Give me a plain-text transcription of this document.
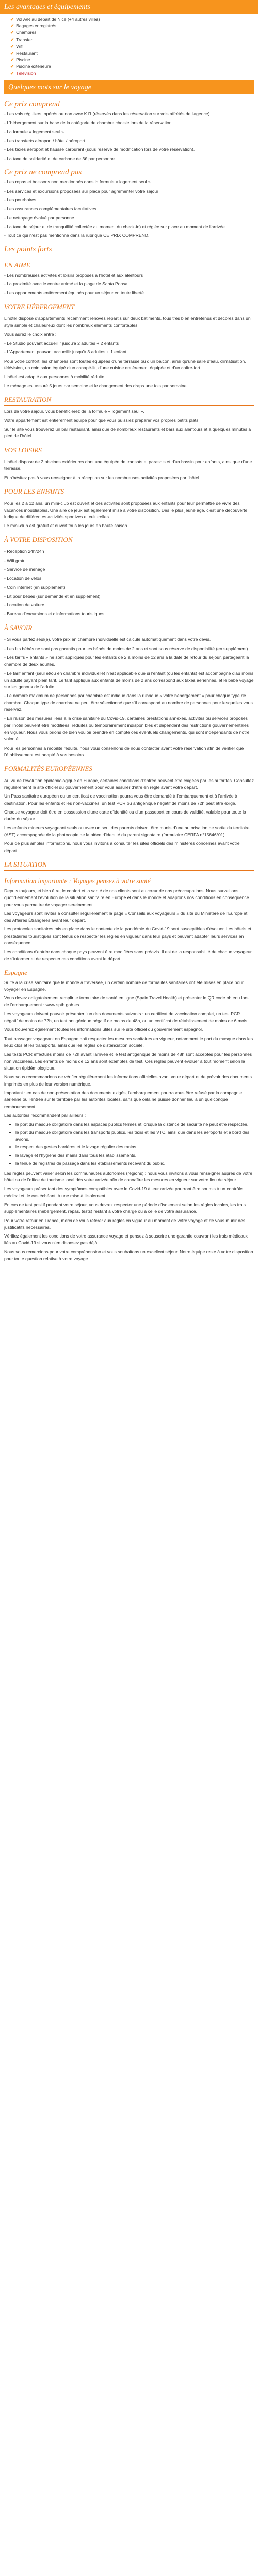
Les avantages et équipements
✔ Vol A/R au départ de Nice (+4 autres villes)
✔ Bagages enregistrés
✔ Chambres
✔ Transfert
✔ Wifi
✔ Restaurant
✔ Piscine
✔ Piscine extérieure
✔ Télévision
Quelques mots sur le voyage
Ce prix comprend

- Les vols réguliers, opérés ou non avec K.R (réservés dans les réservation sur vols affrétés de l'agence).

- L'hébergement sur la base de la catégorie de chambre choisie lors de la réservation.

- La formule « logement seul »

- Les transferts aéroport / hôtel / aéroport

- Les taxes aéroport et hausse carburant (sous réserve de modification lors de votre réservation).

- La taxe de solidarité et de carbone de 3€ par personne.

Ce prix ne comprend pas

- Les repas et boissons non mentionnés dans la formule « logement seul »

- Les services et excursions proposées sur place pour agrémenter votre séjour

- Les pourboires

- Les assurances complémentaires facultatives

- Le nettoyage évalué par personne

- La taxe de séjour et de tranquillité collectée au moment du check-in) et réglée sur place au moment de l'arrivée.

- Tout ce qui n'est pas mentionné dans la rubrique CE PRIX COMPREND.

Les points forts
EN AIME

- Les nombreuses activités et loisirs proposés à l'hôtel et aux alentours

- La proximité avec le centre animé et la plage de Santa Ponsa

- Les appartements entièrement équipés pour un séjour en toute liberté

VOTRE HÉBERGEMENT

L'hôtel dispose d'appartements récemment rénovés répartis sur deux bâtiments, tous très bien entretenus et décorés dans un style simple et chaleureux dont les nombreux éléments confortables.

Vous aurez le choix entre :

- Le Studio pouvant accueillir jusqu'à 2 adultes + 2 enfants

- L'Appartement pouvant accueillir jusqu'à 3 adultes + 1 enfant

Pour votre confort, les chambres sont toutes équipées d'une terrasse ou d'un balcon, ainsi qu'une salle d'eau, climatisation, télévision, un coin salon équipé d'un canapé-lit, d'une cuisine entièrement équipée et d'un coffre-fort.

L'hôtel est adapté aux personnes à mobilité réduite.

Le ménage est assuré 5 jours par semaine et le changement des draps une fois par semaine.

RESTAURATION

Lors de votre séjour, vous bénéficierez de la formule « logement seul ».

Votre appartement est entièrement équipé pour que vous puissiez préparer vos propres petits plats.

Sur le site vous trouverez un bar restaurant, ainsi que de nombreux restaurants et bars aux alentours et à quelques minutes à pied de l'hôtel.

VOS LOISIRS

L'hôtel dispose de 2 piscines extérieures dont une équipée de transats et parasols et d'un bassin pour enfants, ainsi que d'une terrasse.

Et n'hésitez pas à vous renseigner à la réception sur les nombreuses activités proposées par l'hôtel.

POUR LES ENFANTS

Pour les 2 à 12 ans, un mini-club est ouvert et des activités sont proposées aux enfants pour leur permettre de vivre des vacances inoubliables. Une aire de jeux est également mise à votre disposition. Dès le plus jeune âge, c'est une découverte ludique de différentes activités sportives et culturelles.

Le mini-club est gratuit et ouvert tous les jours en haute saison.

À VOTRE DISPOSITION

- Réception 24h/24h

- Wifi gratuit

- Service de ménage

- Location de vélos

- Coin internet (en supplément)

- Lit pour bébés (sur demande et en supplément)

- Location de voiture

- Bureau d'excursions et d'informations touristiques

À SAVOIR

- Si vous partez seul(e), votre prix en chambre individuelle est calculé automatiquement dans votre devis.

- Les lits bébés ne sont pas garantis pour les bébés de moins de 2 ans et sont sous réserve de disponibilité (en supplément).

- Les tarifs « enfants » ne sont appliqués pour les enfants de 2 à moins de 12 ans à la date de retour du séjour, partageant la chambre de deux adultes.

- Le tarif enfant (seul et/ou en chambre individuelle) n'est applicable que si l'enfant (ou les enfants) est accompagné d'au moins un adulte payant plein tarif. Le tarif appliqué aux enfants de moins de 2 ans correspond aux taxes aériennes, et le bébé voyage sur les genoux de l'adulte.

- Le nombre maximum de personnes par chambre est indiqué dans la rubrique « votre hébergement » pour chaque type de chambre. Chaque type de chambre ne peut être sélectionné que s'il correspond au nombre de personnes pour lesquelles vous réservez.

- En raison des mesures liées à la crise sanitaire du Covid-19, certaines prestations annexes, activités ou services proposés par l'hôtel peuvent être modifiées, réduites ou temporairement indisponibles et dépendent des restrictions gouvernementales en vigueur. Nous vous prions de bien vouloir prendre en compte ces éventuels changements, qui sont indépendants de notre volonté.

Pour les personnes à mobilité réduite, nous vous conseillons de nous contacter avant votre réservation afin de vérifier que l'établissement est adapté à vos besoins.

FORMALITÉS EUROPÉENNES

Au vu de l'évolution épidémiologique en Europe, certaines conditions d'entrée peuvent être exigées par les autorités. Consultez régulièrement le site officiel du gouvernement pour vous assurer d'être en règle avant votre départ.

Un Pass sanitaire européen ou un certificat de vaccination pourra vous être demandé à l'embarquement et à l'arrivée à destination. Pour les enfants et les non-vaccinés, un test PCR ou antigénique négatif de moins de 72h peut être exigé.

Chaque voyageur doit être en possession d'une carte d'identité ou d'un passeport en cours de validité, valable pour toute la durée du séjour.

Les enfants mineurs voyageant seuls ou avec un seul des parents doivent être munis d'une autorisation de sortie du territoire (AST) accompagnée de la photocopie de la pièce d'identité du parent signataire (formulaire CERFA n°15646*01).

Pour de plus amples informations, nous vous invitons à consulter les sites officiels des ministères concernés avant votre départ.

LA SITUATION
Information importante : Voyages pensez à votre santé

Depuis toujours, et bien être, le confort et la santé de nos clients sont au cœur de nos préoccupations. Nous surveillons quotidiennement l'évolution de la situation sanitaire en Europe et dans le monde et adaptons nos conditions en conséquence pour vous permettre de voyager sereinement.

Les voyageurs sont invités à consulter régulièrement la page « Conseils aux voyageurs » du site du Ministère de l'Europe et des Affaires Étrangères avant leur départ.

Les protocoles sanitaires mis en place dans le contexte de la pandémie du Covid-19 sont susceptibles d'évoluer. Les hôtels et prestataires touristiques sont tenus de respecter les règles en vigueur dans leur pays et peuvent adapter leurs services en conséquence.

Les conditions d'entrée dans chaque pays peuvent être modifiées sans préavis. Il est de la responsabilité de chaque voyageur de s'informer et de respecter ces conditions avant le départ.

Espagne

Suite à la crise sanitaire que le monde a traversée, un certain nombre de formalités sanitaires ont été mises en place pour voyager en Espagne.

Vous devez obligatoirement remplir le formulaire de santé en ligne (Spain Travel Health) et présenter le QR code obtenu lors de l'embarquement : www.spth.gob.es

Les voyageurs doivent pouvoir présenter l'un des documents suivants : un certificat de vaccination complet, un test PCR négatif de moins de 72h, un test antigénique négatif de moins de 48h, ou un certificat de rétablissement de moins de 6 mois.

Vous trouverez également toutes les informations utiles sur le site officiel du gouvernement espagnol.

Tout passager voyageant en Espagne doit respecter les mesures sanitaires en vigueur, notamment le port du masque dans les lieux clos et les transports, ainsi que les règles de distanciation sociale.

Les tests PCR effectués moins de 72h avant l'arrivée et le test antigénique de moins de 48h sont acceptés pour les personnes non vaccinées. Les enfants de moins de 12 ans sont exemptés de test. Ces règles peuvent évoluer à tout moment selon la situation épidémiologique.

Nous vous recommandons de vérifier régulièrement les informations officielles avant votre départ et de prévoir des documents imprimés en plus de leur version numérique.

Important : en cas de non-présentation des documents exigés, l'embarquement pourra vous être refusé par la compagnie aérienne ou l'entrée sur le territoire par les autorités locales, sans que cela ne puisse donner lieu à un quelconque remboursement.

Les autorités recommandent par ailleurs :

• le port du masque obligatoire dans les espaces publics fermés et lorsque la distance de sécurité ne peut être respectée.
• le port du masque obligatoire dans les transports publics, les taxis et les VTC, ainsi que dans les aéroports et à bord des avions.
• le respect des gestes barrières et le lavage régulier des mains.
• le lavage et l'hygiène des mains dans tous les établissements.
• la tenue de registres de passage dans les établissements recevant du public.

Les règles peuvent varier selon les communautés autonomes (régions) : nous vous invitons à vous renseigner auprès de votre hôtel ou de l'office de tourisme local dès votre arrivée afin de connaître les mesures en vigueur sur votre lieu de séjour.

Les voyageurs présentant des symptômes compatibles avec le Covid-19 à leur arrivée pourront être soumis à un contrôle médical et, le cas échéant, à une mise à l'isolement.

En cas de test positif pendant votre séjour, vous devrez respecter une période d'isolement selon les règles locales, les frais supplémentaires (hébergement, repas, tests) restant à votre charge ou à celle de votre assurance.

Pour votre retour en France, merci de vous référer aux règles en vigueur au moment de votre voyage et de vous munir des justificatifs nécessaires.

Vérifiez également les conditions de votre assurance voyage et pensez à souscrire une garantie couvrant les frais médicaux liés au Covid-19 si vous n'en disposez pas déjà.

Nous vous remercions pour votre compréhension et vous souhaitons un excellent séjour. Notre équipe reste à votre disposition pour toute question relative à votre voyage.
